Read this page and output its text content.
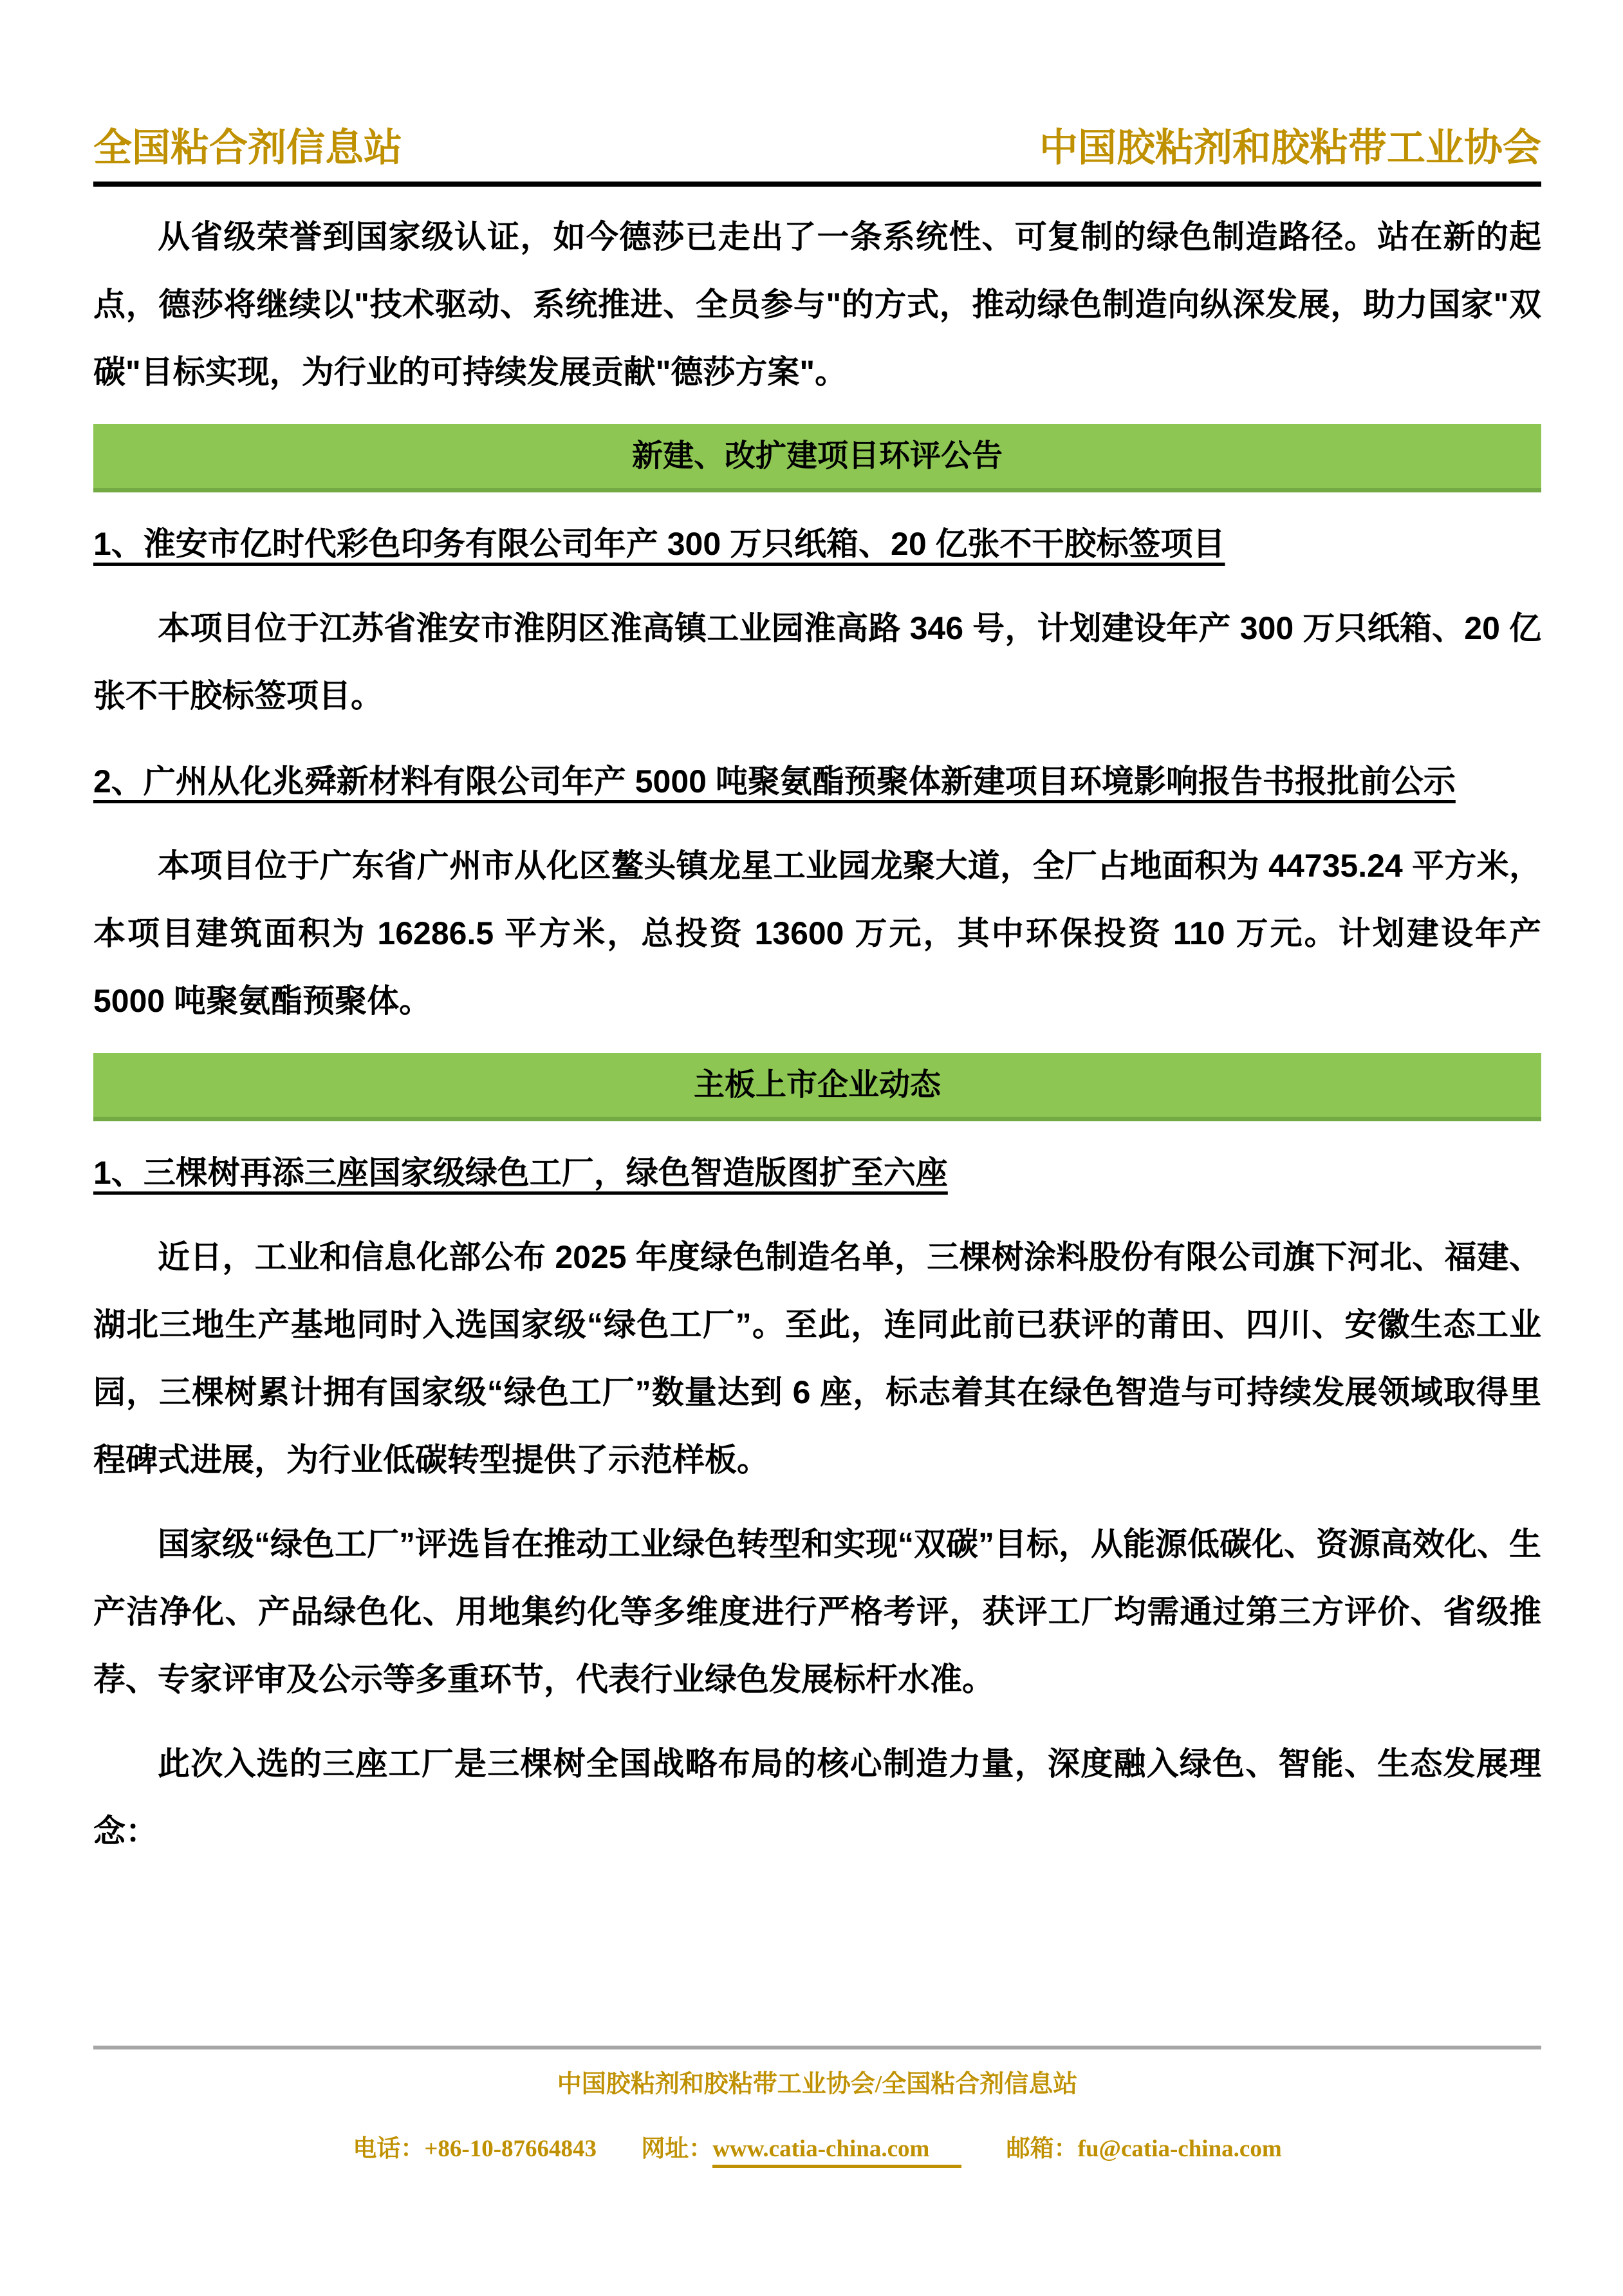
全国粘合剂信息站	中国胶粘剂和胶粘带工业协会

从省级荣誉到国家级认证，如今德莎已走出了一条系统性、可复制的绿色制造路径。站在新的起点，德莎将继续以"技术驱动、系统推进、全员参与"的方式，推动绿色制造向纵深发展，助力国家"双碳"目标实现，为行业的可持续发展贡献"德莎方案"。

新建、改扩建项目环评公告
1、淮安市亿时代彩色印务有限公司年产 300 万只纸箱、20 亿张不干胶标签项目

本项目位于江苏省淮安市淮阴区淮高镇工业园淮高路 346 号，计划建设年产 300 万只纸箱、20 亿张不干胶标签项目。

2、广州从化兆舜新材料有限公司年产 5000 吨聚氨酯预聚体新建项目环境影响报告书报批前公示

本项目位于广东省广州市从化区鳌头镇龙星工业园龙聚大道，全厂占地面积为 44735.24 平方米，本项目建筑面积为 16286.5 平方米，总投资 13600 万元，其中环保投资 110 万元。计划建设年产 5000 吨聚氨酯预聚体。

主板上市企业动态
1、三棵树再添三座国家级绿色工厂，绿色智造版图扩至六座

近日，工业和信息化部公布 2025 年度绿色制造名单，三棵树涂料股份有限公司旗下河北、福建、湖北三地生产基地同时入选国家级“绿色工厂”。至此，连同此前已获评的莆田、四川、安徽生态工业园，三棵树累计拥有国家级“绿色工厂”数量达到 6 座，标志着其在绿色智造与可持续发展领域取得里程碑式进展，为行业低碳转型提供了示范样板。

国家级“绿色工厂”评选旨在推动工业绿色转型和实现“双碳”目标，从能源低碳化、资源高效化、生产洁净化、产品绿色化、用地集约化等多维度进行严格考评，获评工厂均需通过第三方评价、省级推荐、专家评审及公示等多重环节，代表行业绿色发展标杆水准。

此次入选的三座工厂是三棵树全国战略布局的核心制造力量，深度融入绿色、智能、生态发展理念：

中国胶粘剂和胶粘带工业协会/全国粘合剂信息站
电话：+86-10-87664843 网址：www.catia-china.com	邮箱：fu@catia-china.com
